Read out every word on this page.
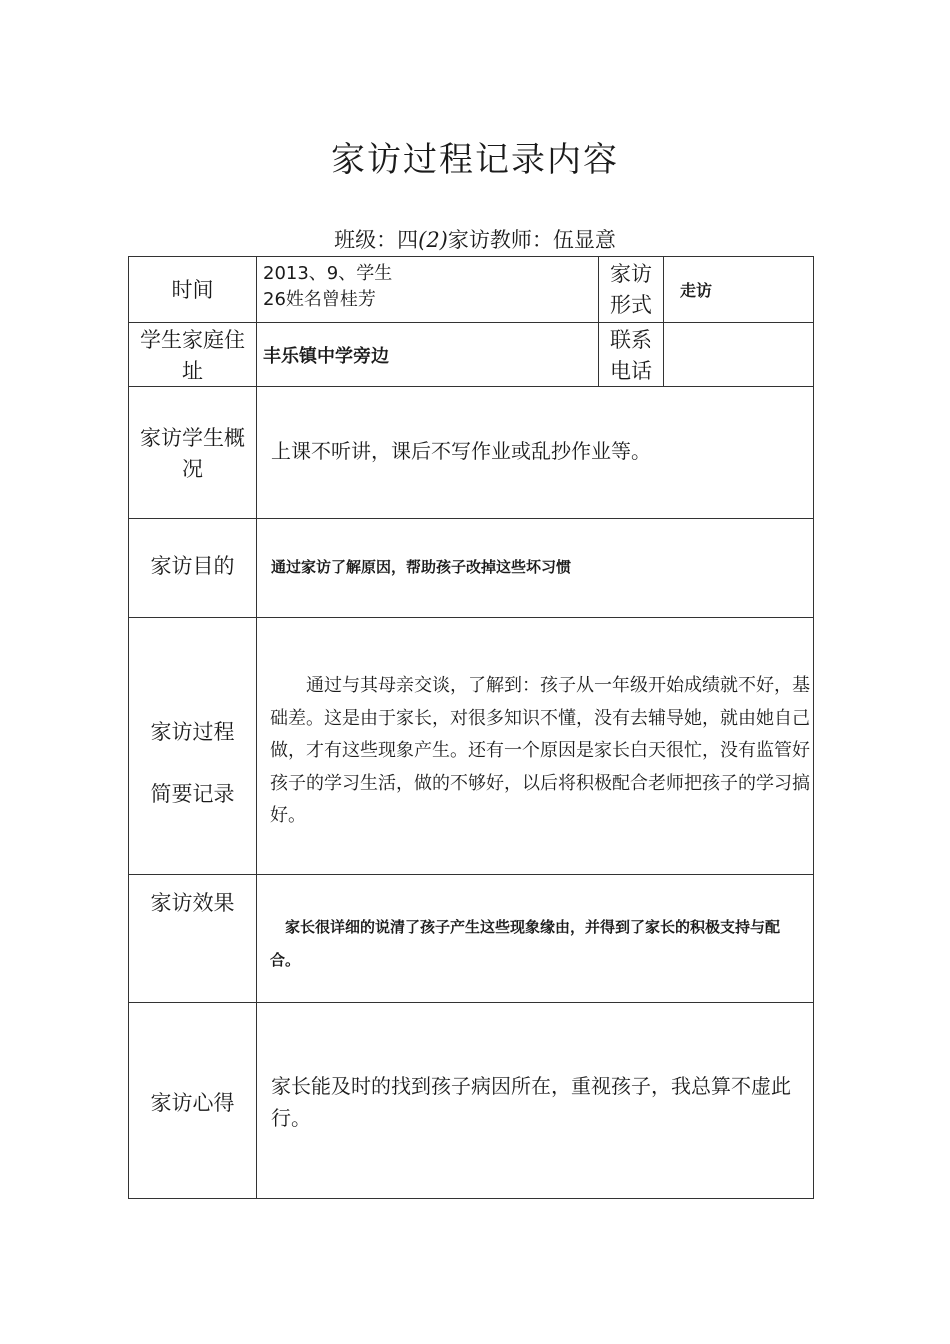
家访过程记录内容
班级：四(2)家访教师：伍显意
时间
2013、9、学生
26姓名曾桂芳
家访
形式
走访
学生家庭住
址
丰乐镇中学旁边
联系
电话
家访学生概
况
上课不听讲，课后不写作业或乱抄作业等。
家访目的 通过家访了解原因，帮助孩子改掉这些坏习惯
家访过程
简要记录
通过与其母亲交谈，了解到：孩子从一年级开始成绩就不好，基础差。这是由于家长，对很多知识不懂，没有去辅导她，就由她自己做，才有这些现象产生。还有一个原因是家长白天很忙，没有监管好孩子的学习生活，做的不够好，以后将积极配合老师把孩子的学习搞好。
家访效果
家长很详细的说清了孩子产生这些现象缘由，并得到了家长的积极支持与配合。
家访心得
家长能及时的找到孩子病因所在，重视孩子，我总算不虚此行。
